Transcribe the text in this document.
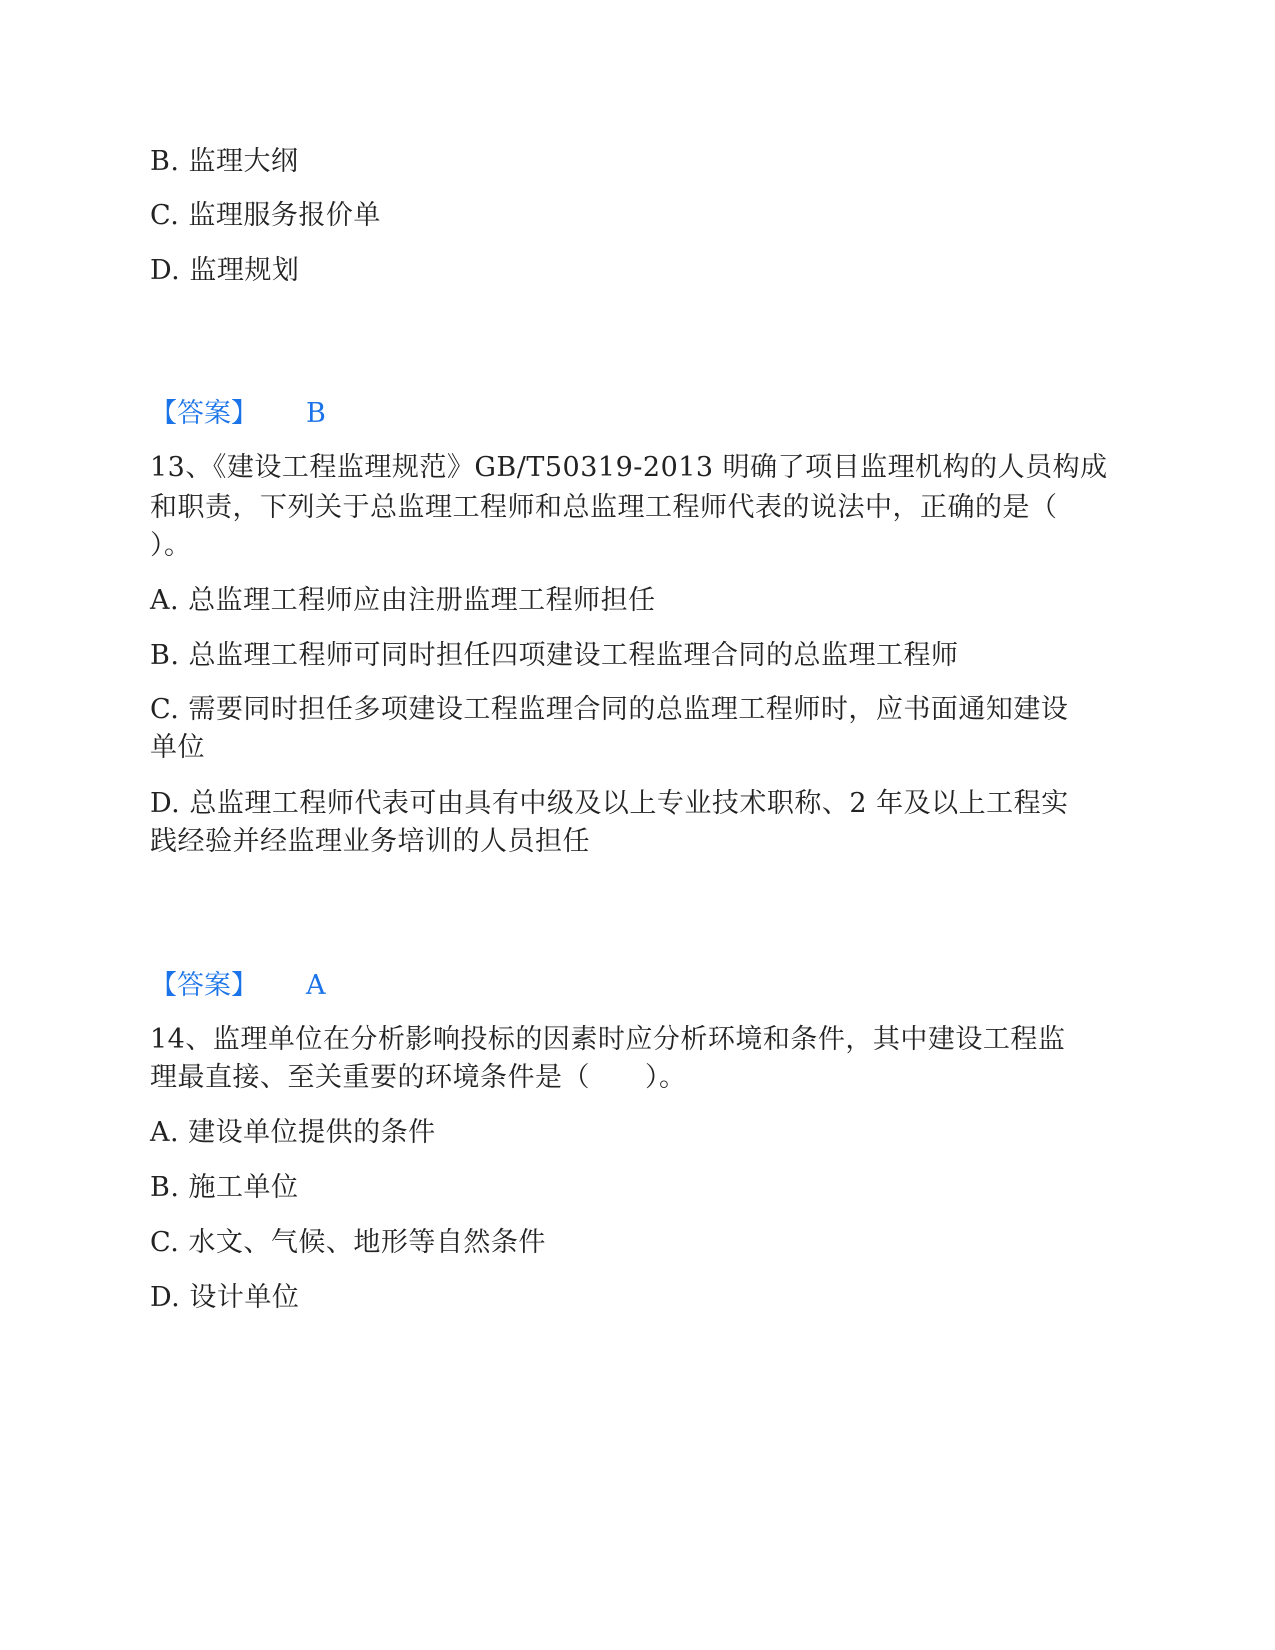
B. 监理大纲
C. 监理服务报价单
D. 监理规划
【答案】 B
13、《建设工程监理规范》GB/T50319-2013 明确了项目监理机构的人员构成
和职责，下列关于总监理工程师和总监理工程师代表的说法中，正确的是（
）。
A. 总监理工程师应由注册监理工程师担任
B. 总监理工程师可同时担任四项建设工程监理合同的总监理工程师
C. 需要同时担任多项建设工程监理合同的总监理工程师时，应书面通知建设
单位
D. 总监理工程师代表可由具有中级及以上专业技术职称、2 年及以上工程实
践经验并经监理业务培训的人员担任
【答案】 A
14、监理单位在分析影响投标的因素时应分析环境和条件，其中建设工程监
理最直接、至关重要的环境条件是（　　）。
A. 建设单位提供的条件
B. 施工单位
C. 水文、气候、地形等自然条件
D. 设计单位
